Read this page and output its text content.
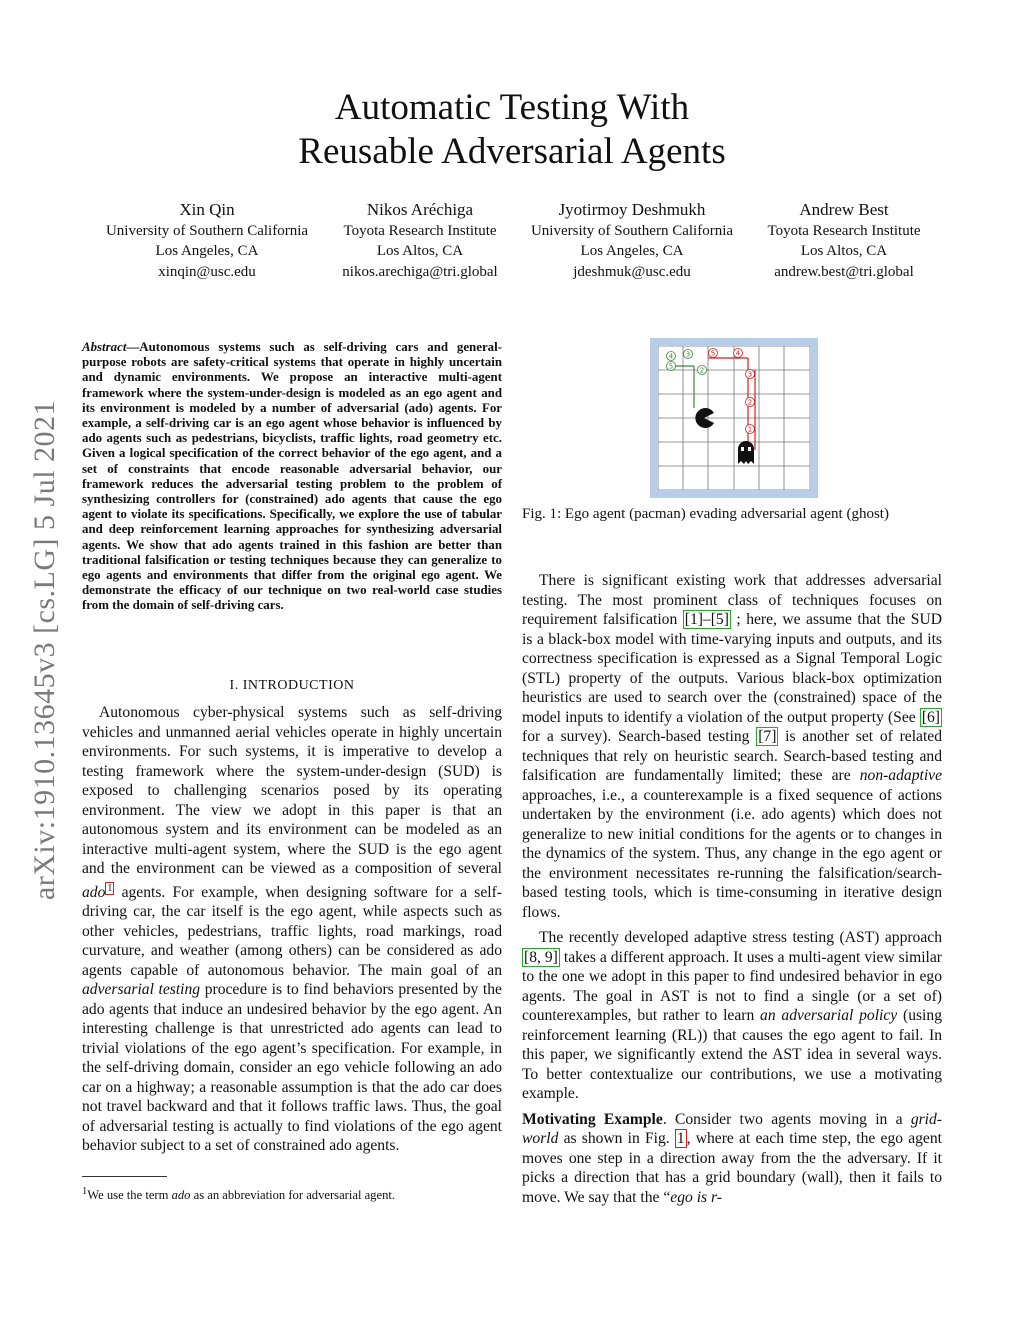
Automatic Testing With
Reusable Adversarial Agents
Xin Qin
University of Southern California
Los Angeles, CA
xinqin@usc.edu
Nikos Aréchiga
Toyota Research Institute
Los Altos, CA
nikos.arechiga@tri.global
Jyotirmoy Deshmukh
University of Southern California
Los Angeles, CA
jdeshmuk@usc.edu
Andrew Best
Toyota Research Institute
Los Altos, CA
andrew.best@tri.global
arXiv:1910.13645v3 [cs.LG] 5 Jul 2021
Abstract—Autonomous systems such as self-driving cars and general-purpose robots are safety-critical systems that operate in highly uncertain and dynamic environments. We propose an interactive multi-agent framework where the system-under-design is modeled as an ego agent and its environment is modeled by a number of adversarial (ado) agents. For example, a self-driving car is an ego agent whose behavior is influenced by ado agents such as pedestrians, bicyclists, traffic lights, road geometry etc. Given a logical specification of the correct behavior of the ego agent, and a set of constraints that encode reasonable adversarial behavior, our framework reduces the adversarial testing problem to the problem of synthesizing controllers for (constrained) ado agents that cause the ego agent to violate its specifications. Specifically, we explore the use of tabular and deep reinforcement learning approaches for synthesizing adversarial agents. We show that ado agents trained in this fashion are better than traditional falsification or testing techniques because they can generalize to ego agents and environments that differ from the original ego agent. We demonstrate the efficacy of our technique on two real-world case studies from the domain of self-driving cars.
I. INTRODUCTION

Autonomous cyber-physical systems such as self-driving vehicles and unmanned aerial vehicles operate in highly uncertain environments. For such systems, it is imperative to develop a testing framework where the system-under-design (SUD) is exposed to challenging scenarios posed by its operating environment. The view we adopt in this paper is that an autonomous system and its environment can be modeled as an interactive multi-agent system, where the SUD is the ego agent and the environment can be viewed as a composition of several ado $^1$ agents. For example, when designing software for a self-driving car, the car itself is the ego agent, while aspects such as other vehicles, pedestrians, traffic lights, road markings, road curvature, and weather (among others) can be considered as ado agents capable of autonomous behavior. The main goal of an adversarial testing procedure is to find behaviors presented by the ado agents that induce an undesired behavior by the ego agent. An interesting challenge is that unrestricted ado agents can lead to trivial violations of the ego agent’s specification. For example, in the self-driving domain, consider an ego vehicle following an ado car on a highway; a reasonable assumption is that the ado car does not travel backward and that it follows traffic laws. Thus, the goal of adversarial testing is actually to find violations of the ego agent behavior subject to a set of constrained ado agents.

$^1$We use the term ado as an abbreviation for adversarial agent.
4 3
5	2
5	4
3
2
1
Fig. 1: Ego agent (pacman) evading adversarial agent (ghost)

There is significant existing work that addresses adversarial testing. The most prominent class of techniques focuses on requirement falsification [1]–[5] ; here, we assume that the SUD is a black-box model with time-varying inputs and outputs, and its correctness specification is expressed as a Signal Temporal Logic (STL) property of the outputs. Various black-box optimization heuristics are used to search over the (constrained) space of the model inputs to identify a violation of the output property (See [6] for a survey). Search-based testing [7] is another set of related techniques that rely on heuristic search. Search-based testing and falsification are fundamentally limited; these are non-adaptive approaches, i.e., a counterexample is a fixed sequence of actions undertaken by the environment (i.e. ado agents) which does not generalize to new initial conditions for the agents or to changes in the dynamics of the system. Thus, any change in the ego agent or the environment necessitates re-running the falsification/search-based testing tools, which is time-consuming in iterative design flows.

The recently developed adaptive stress testing (AST) approach [8, 9] takes a different approach. It uses a multi-agent view similar to the one we adopt in this paper to find undesired behavior in ego agents. The goal in AST is not to find a single (or a set of) counterexamples, but rather to learn an adversarial policy (using reinforcement learning (RL)) that causes the ego agent to fail. In this paper, we significantly extend the AST idea in several ways. To better contextualize our contributions, we use a motivating example.

Motivating Example. Consider two agents moving in a grid-world as shown in Fig. 1 , where at each time step, the ego agent moves one step in a direction away from the the adversary. If it picks a direction that has a grid boundary (wall), then it fails to move. We say that the “ego is r-
